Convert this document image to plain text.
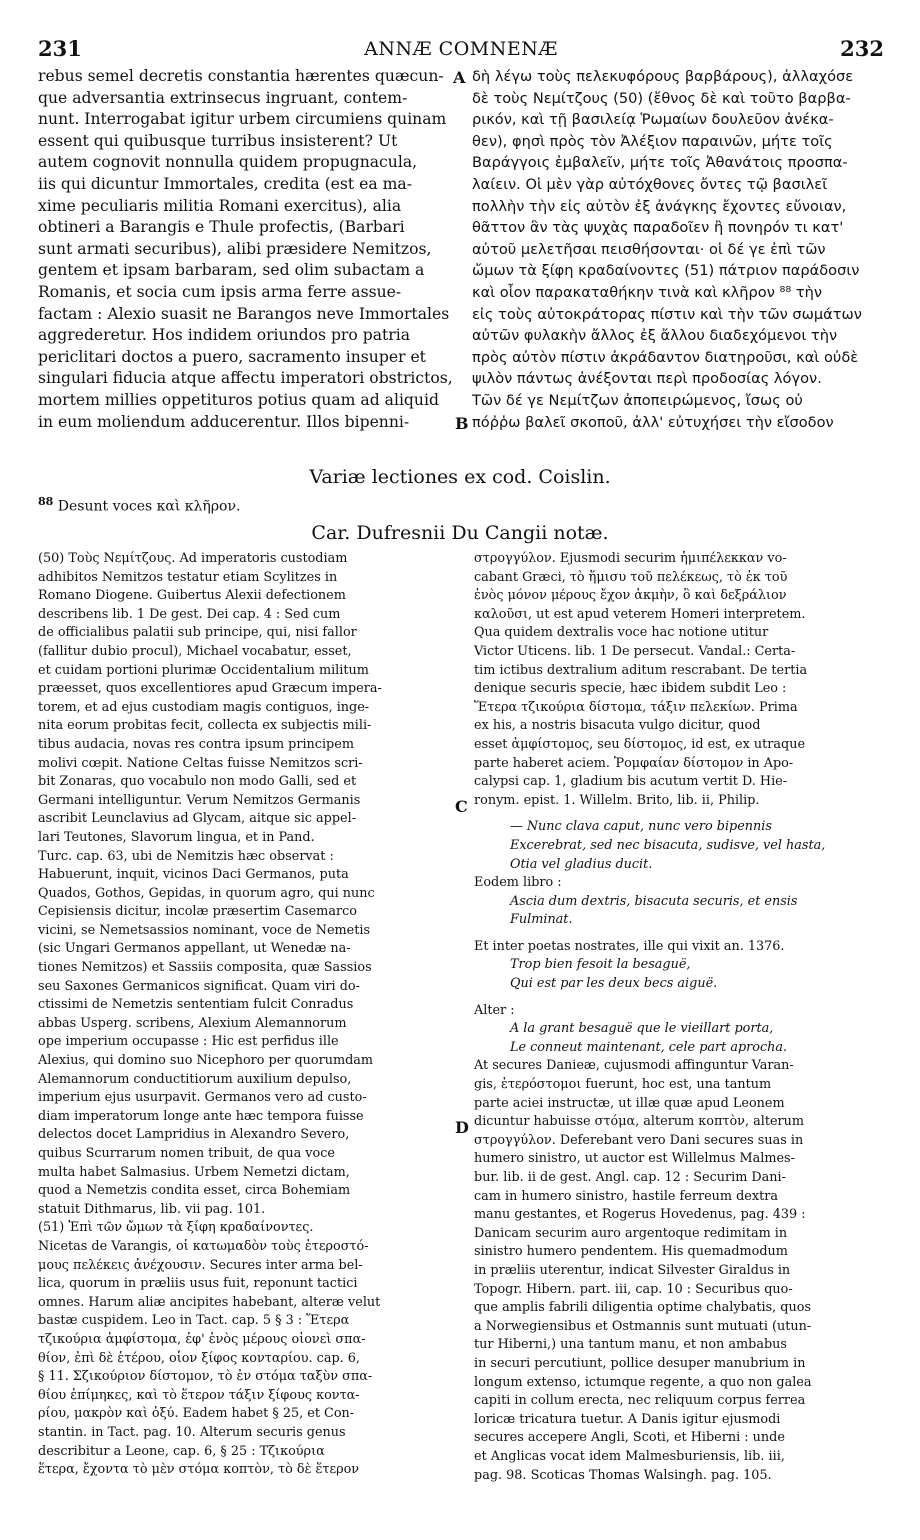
231	ANNÆ COMNENÆ	232
rebus semel decretis constantia hærentes quæcun-
que adversantia extrinsecus ingruant, contem-
nunt. Interrogabat igitur urbem circumiens quinam
essent qui quibusque turribus insisterent? Ut
autem cognovit nonnulla quidem propugnacula,
iis qui dicuntur Immortales, credita (est ea ma-
xime peculiaris militia Romani exercitus), alia
obtineri a Barangis e Thule profectis, (Barbari
sunt armati securibus), alibi præsidere Nemitzos,
gentem et ipsam barbaram, sed olim subactam a
Romanis, et socia cum ipsis arma ferre assue-
factam : Alexio suasit ne Barangos neve Immortales
aggrederetur. Hos indidem oriundos pro patria
periclitari doctos a puero, sacramento insuper et
singulari fiducia atque affectu imperatori obstrictos,
mortem millies oppetituros potius quam ad aliquid
in eum moliendum adducerentur. Illos bipenni-
δὴ λέγω τοὺς πελεκυφόρους βαρβάρους), ἀλλαχόσε
δὲ τοὺς Νεμίτζους (50) (ἔθνος δὲ καὶ τοῦτο βαρβα-
ρικόν, καὶ τῇ βασιλείᾳ Ῥωμαίων δουλεῦον ἀνέκα-
θεν), φησὶ πρὸς τὸν Ἀλέξιον παραινῶν, μήτε τοῖς
Βαράγγοις ἐμβαλεῖν, μήτε τοῖς Ἀθανάτοις προσπα-
λαίειν. Οἱ μὲν γὰρ αὐτόχθονες ὄντες τῷ βασιλεῖ
πολλὴν τὴν εἰς αὐτὸν ἐξ ἀνάγκης ἔχοντες εὔνοιαν,
θᾶττον ἂν τὰς ψυχὰς παραδοῖεν ἢ πονηρόν τι κατ'
αὐτοῦ μελετῆσαι πεισθήσονται· οἱ δέ γε ἐπὶ τῶν
ὤμων τὰ ξίφη κραδαίνοντες (51) πάτριον παράδοσιν
καὶ οἷον παρακαταθήκην τινὰ καὶ κλῆρον ⁸⁸ τὴν
εἰς τοὺς αὐτοκράτορας πίστιν καὶ τὴν τῶν σωμάτων
αὐτῶν φυλακὴν ἄλλος ἐξ ἄλλου διαδεχόμενοι τὴν
πρὸς αὐτὸν πίστιν ἀκράδαντον διατηροῦσι, καὶ οὐδὲ
ψιλὸν πάντως ἀνέξονται περὶ προδοσίας λόγον.
Τῶν δέ γε Νεμίτζων ἀποπειρώμενος, ἴσως οὐ
πόῤῥω βαλεῖ σκοποῦ, ἀλλ' εὐτυχήσει τὴν εἴσοδον
A
B
C
D
Variæ lectiones ex cod. Coislin.
$^{88}$ Desunt voces καὶ κλῆρον.
Car. Dufresnii Du Cangii notæ.
(50) Τοὺς Νεμίτζους. Ad imperatoris custodiam
adhibitos Nemitzos testatur etiam Scylitzes in
Romano Diogene. Guibertus Alexii defectionem
describens lib. 1 De gest. Dei cap. 4 : Sed cum
de officialibus palatii sub principe, qui, nisi fallor
(fallitur dubio procul), Michael vocabatur, esset,
et cuidam portioni plurimæ Occidentalium militum
præesset, quos excellentiores apud Græcum impera-
torem, et ad ejus custodiam magis contiguos, inge-
nita eorum probitas fecit, collecta ex subjectis mili-
tibus audacia, novas res contra ipsum principem
molivi cœpit. Natione Celtas fuisse Nemitzos scri-
bit Zonaras, quo vocabulo non modo Galli, sed et
Germani intelliguntur. Verum Nemitzos Germanis
ascribit Leunclavius ad Glycam, aitque sic appel-
lari Teutones, Slavorum lingua, et in Pand.
Turc. cap. 63, ubi de Nemitzis hæc observat :
Habuerunt, inquit, vicinos Daci Germanos, puta
Quados, Gothos, Gepidas, in quorum agro, qui nunc
Cepisiensis dicitur, incolæ præsertim Casemarco
vicini, se Nemetsassios nominant, voce de Nemetis
(sic Ungari Germanos appellant, ut Wenedæ na-
tiones Nemitzos) et Sassiis composita, quæ Sassios
seu Saxones Germanicos significat. Quam viri do-
ctissimi de Nemetzis sententiam fulcit Conradus
abbas Usperg. scribens, Alexium Alemannorum
ope imperium occupasse : Hic est perfidus ille
Alexius, qui domino suo Nicephoro per quorumdam
Alemannorum conductitiorum auxilium depulso,
imperium ejus usurpavit. Germanos vero ad custo-
diam imperatorum longe ante hæc tempora fuisse
delectos docet Lampridius in Alexandro Severo,
quibus Scurrarum nomen tribuit, de qua voce
multa habet Salmasius. Urbem Nemetzi dictam,
quod a Nemetzis condita esset, circa Bohemiam
statuit Dithmarus, lib. vii pag. 101.
(51) Ἐπὶ τῶν ὤμων τὰ ξίφη κραδαίνοντες.
Nicetas de Varangis, οἱ κατωμαδὸν τοὺς ἑτεροστό-
μους πελέκεις ἀνέχουσιν. Secures inter arma bel-
lica, quorum in præliis usus fuit, reponunt tactici
omnes. Harum aliæ ancipites habebant, alteræ velut
bastæ cuspidem. Leo in Tact. cap. 5 § 3 : Ἕτερα
τζικούρια ἀμφίστομα, ἐφ' ἑνὸς μέρους οἱονεὶ σπα-
θίον, ἐπὶ δὲ ἑτέρου, οἷον ξίφος κονταρίου. cap. 6,
§ 11. Σζικούριον δίστομον, τὸ ἐν στόμα ταξὺν σπα-
θίου ἐπίμηκες, καὶ τὸ ἕτερον τάξιν ξίφους κοντα-
ρίου, μακρὸν καὶ ὀξύ. Eadem habet § 25, et Con-
stantin. in Tact. pag. 10. Alterum securis genus
describitur a Leone, cap. 6, § 25 : Τζικούρια
ἕτερα, ἔχοντα τὸ μὲν στόμα κοπτὸν, τὸ δὲ ἕτερον
στρογγύλον. Ejusmodi securim ἡμιπέλεκκαν vo-
cabant Græci, τὸ ἥμισυ τοῦ πελέκεως, τὸ ἐκ τοῦ
ἑνὸς μόνον μέρους ἔχον ἀκμὴν, ὃ καὶ δεξράλιον
καλοῦσι, ut est apud veterem Homeri interpretem.
Qua quidem dextralis voce hac notione utitur
Victor Uticens. lib. 1 De persecut. Vandal.: Certa-
tim ictibus dextralium aditum rescrabant. De tertia
denique securis specie, hæc ibidem subdit Leo :
Ἕτερα τζικούρια δίστομα, τάξιν πελεκίων. Prima
ex his, a nostris bisacuta vulgo dicitur, quod
esset ἀμφίστομος, seu δίστομος, id est, ex utraque
parte haberet aciem. Ῥομφαίαν δίστομον in Apo-
calypsi cap. 1, gladium bis acutum vertit D. Hie-
ronym. epist. 1. Willelm. Brito, lib. ii, Philip.
— Nunc clava caput, nunc vero bipennis
Excerebrat, sed nec bisacuta, sudisve, vel hasta,
Otia vel gladius ducit.
Eodem libro :
Ascia dum dextris, bisacuta securis, et ensis
Fulminat.
Et inter poetas nostrates, ille qui vixit an. 1376.
Trop bien fesoit la besaguë,
Qui est par les deux becs aiguë.
Alter :
A la grant besaguë que le vieillart porta,
Le conneut maintenant, cele part aprocha.
At secures Danieæ, cujusmodi affinguntur Varan-
gis, ἑτερόστομοι fuerunt, hoc est, una tantum
parte aciei instructæ, ut illæ quæ apud Leonem
dicuntur habuisse στόμα, alterum κοπτὸν, alterum
στρογγύλον. Deferebant vero Dani secures suas in
humero sinistro, ut auctor est Willelmus Malmes-
bur. lib. ii de gest. Angl. cap. 12 : Securim Dani-
cam in humero sinistro, hastile ferreum dextra
manu gestantes, et Rogerus Hovedenus, pag. 439 :
Danicam securim auro argentoque redimitam in
sinistro humero pendentem. His quemadmodum
in præliis uterentur, indicat Silvester Giraldus in
Topogr. Hibern. part. iii, cap. 10 : Securibus quo-
que amplis fabrili diligentia optime chalybatis, quos
a Norwegiensibus et Ostmannis sunt mutuati (utun-
tur Hiberni,) una tantum manu, et non ambabus
in securi percutiunt, pollice desuper manubrium in
longum extenso, ictumque regente, a quo non galea
capiti in collum erecta, nec reliquum corpus ferrea
loricæ tricatura tuetur. A Danis igitur ejusmodi
secures accepere Angli, Scoti, et Hiberni : unde
et Anglicas vocat idem Malmesburiensis, lib. iii,
pag. 98. Scoticas Thomas Walsingh. pag. 105.
